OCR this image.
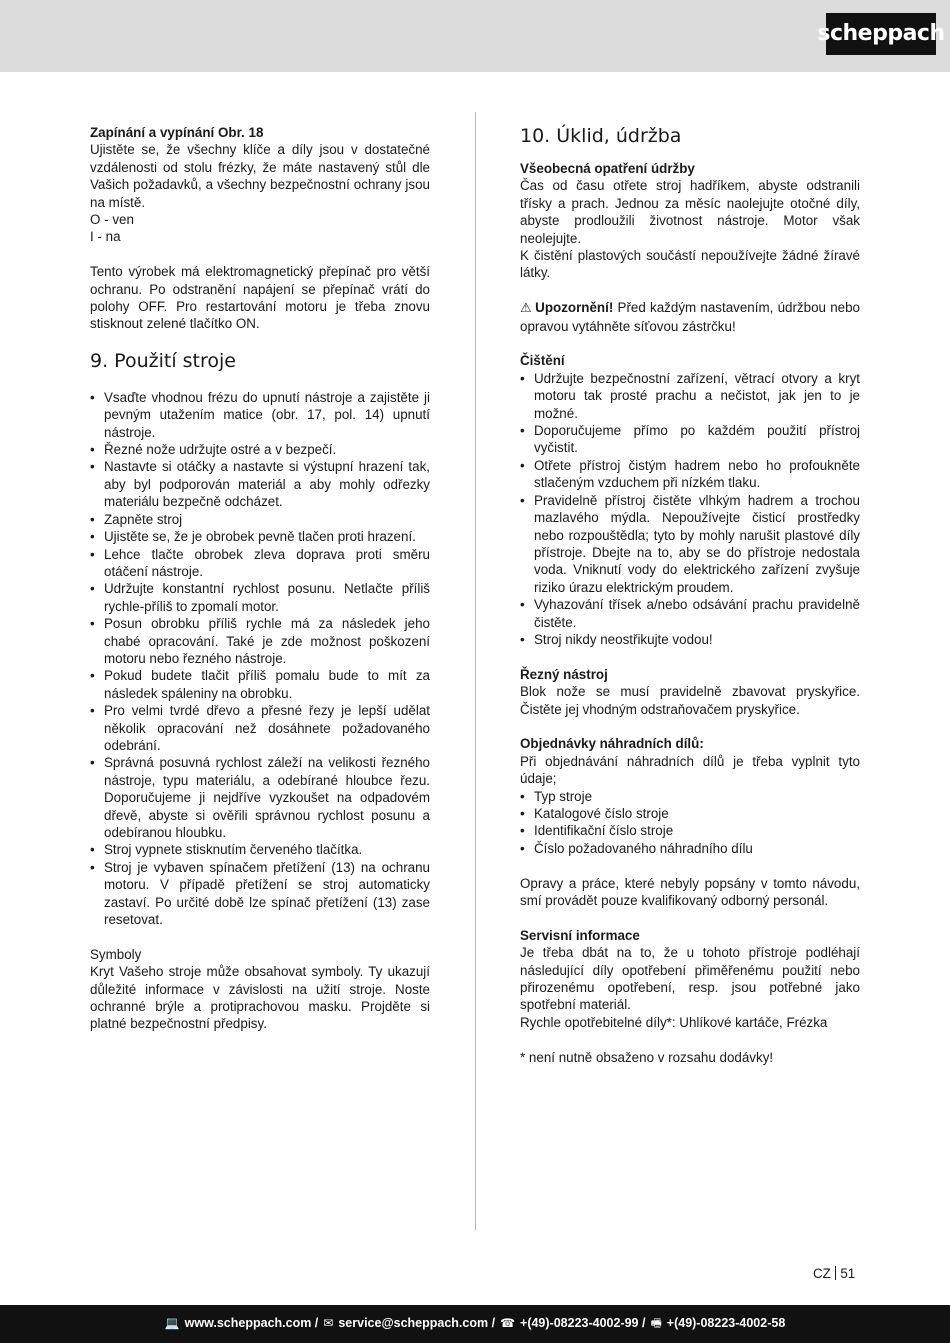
scheppach

Zapínání a vypínání Obr. 18

Ujistěte se, že všechny klíče a díly jsou v dostatečné vzdálenosti od stolu frézky, že máte nastavený stůl dle Vašich požadavků, a všechny bezpečnostní ochrany jsou na místě.

O - ven

I - na

Tento výrobek má elektromagnetický přepínač pro větší ochranu. Po odstranění napájení se přepínač vrátí do polohy OFF. Pro restartování motoru je třeba znovu stisknout zelené tlačítko ON.

9. Použití stroje
• Vsaďte vhodnou frézu do upnutí nástroje a zajistěte ji pevným utažením matice (obr. 17, pol. 14) upnutí nástroje.
• Řezné nože udržujte ostré a v bezpečí.
• Nastavte si otáčky a nastavte si výstupní hrazení tak, aby byl podporován materiál a aby mohly odřezky materiálu bezpečně odcházet.
• Zapněte stroj
• Ujistěte se, že je obrobek pevně tlačen proti hrazení.
• Lehce tlačte obrobek zleva doprava proti směru otáčení nástroje.
• Udržujte konstantní rychlost posunu. Netlačte příliš rychle-příliš to zpomalí motor.
• Posun obrobku příliš rychle má za následek jeho chabé opracování. Také je zde možnost poškození motoru nebo řezného nástroje.
• Pokud budete tlačit příliš pomalu bude to mít za následek spáleniny na obrobku.
• Pro velmi tvrdé dřevo a přesné řezy je lepší udělat několik opracování než dosáhnete požadovaného odebrání.
• Správná posuvná rychlost záleží na velikosti řezného nástroje, typu materiálu, a odebírané hloubce řezu. Doporučujeme ji nejdříve vyzkoušet na odpadovém dřevě, abyste si ověřili správnou rychlost posunu a odebíranou hloubku.
• Stroj vypnete stisknutím červeného tlačítka.
• Stroj je vybaven spínačem přetížení (13) na ochranu motoru. V případě přetížení se stroj automaticky zastaví. Po určité době lze spínač přetížení (13) zase resetovat.

Symboly

Kryt Vašeho stroje může obsahovat symboly. Ty ukazují důležité informace v závislosti na užití stroje. Noste ochranné brýle a protiprachovou masku. Projděte si platné bezpečnostní předpisy.

10. Úklid, údržba

Všeobecná opatření údržby

Čas od času otřete stroj hadříkem, abyste odstranili třísky a prach. Jednou za měsíc naolejujte otočné díly, abyste prodloužili životnost nástroje. Motor však neolejujte.

K čistění plastových součástí nepoužívejte žádné žíravé látky.

⚠ Upozornění! Před každým nastavením, údržbou nebo opravou vytáhněte síťovou zástrčku!

Čištění

• Udržujte bezpečnostní zařízení, větrací otvory a kryt motoru tak prosté prachu a nečistot, jak jen to je možné.
• Doporučujeme přímo po každém použití přístroj vyčistit.
• Otřete přístroj čistým hadrem nebo ho profoukněte stlačeným vzduchem při nízkém tlaku.
• Pravidelně přístroj čistěte vlhkým hadrem a trochou mazlavého mýdla. Nepoužívejte čisticí prostředky nebo rozpouštědla; tyto by mohly narušit plastové díly přístroje. Dbejte na to, aby se do přístroje nedostala voda. Vniknutí vody do elektrického zařízení zvyšuje riziko úrazu elektrickým proudem.
• Vyhazování třísek a/nebo odsávání prachu pravidelně čistěte.
• Stroj nikdy neostřikujte vodou!

Řezný nástroj

Blok nože se musí pravidelně zbavovat pryskyřice. Čistěte jej vhodným odstraňovačem pryskyřice.

Objednávky náhradních dílů:

Při objednávání náhradních dílů je třeba vyplnit tyto údaje;

• Typ stroje
• Katalogové číslo stroje
• Identifikační číslo stroje
• Číslo požadovaného náhradního dílu

Opravy a práce, které nebyly popsány v tomto návodu, smí provádět pouze kvalifikovaný odborný personál.

Servisní informace

Je třeba dbát na to, že u tohoto přístroje podléhají následující díly opotřebení přiměřenému použití nebo přirozenému opotřebení, resp. jsou potřebné jako spotřební materiál.

Rychle opotřebitelné díly*: Uhlíkové kartáče, Frézka

* není nutně obsaženo v rozsahu dodávky!

CZ 51
💻 www.scheppach.com / ✉ service@scheppach.com / ☎ +(49)-08223-4002-99 / 🖷 +(49)-08223-4002-58
